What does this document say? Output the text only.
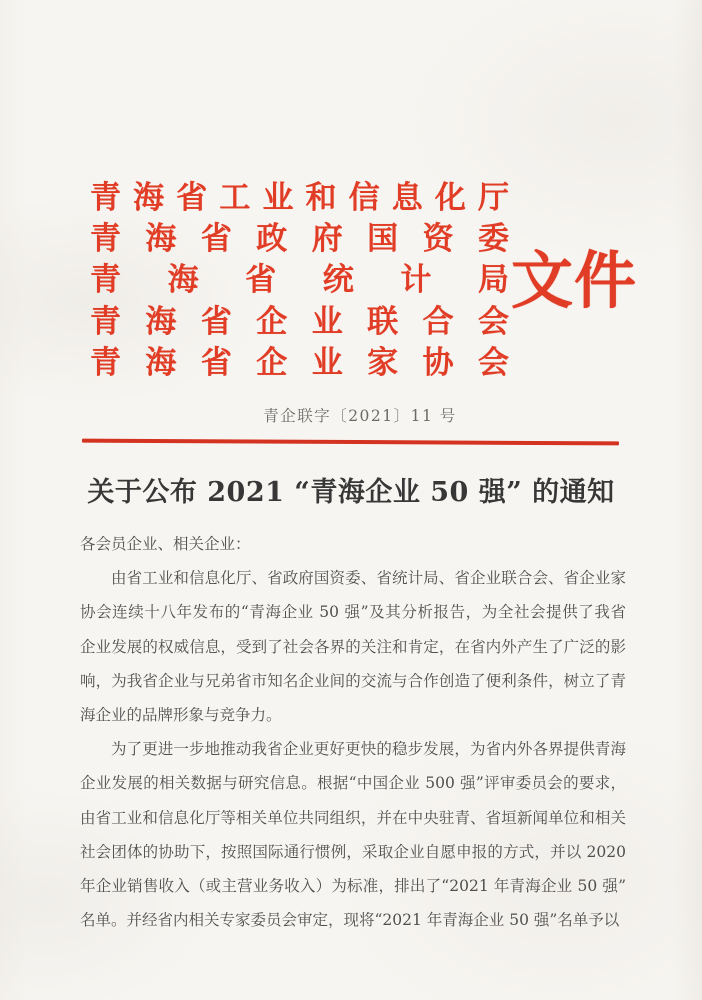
青海省工业和信息化厅
青海省政府国资委
青海省统计局
青海省企业联合会
青海省企业家协会
文件
青企联字〔2021〕11 号
关于公布 2021 “青海企业 50 强” 的通知
各会员企业、相关企业：
由省工业和信息化厅、省政府国资委、省统计局、省企业联合会、省企业家
协会连续十八年发布的“青海企业 50 强”及其分析报告，为全社会提供了我省
企业发展的权威信息，受到了社会各界的关注和肯定，在省内外产生了广泛的影
响，为我省企业与兄弟省市知名企业间的交流与合作创造了便利条件，树立了青
海企业的品牌形象与竞争力。
为了更进一步地推动我省企业更好更快的稳步发展，为省内外各界提供青海
企业发展的相关数据与研究信息。根据“中国企业 500 强”评审委员会的要求，
由省工业和信息化厅等相关单位共同组织，并在中央驻青、省垣新闻单位和相关
社会团体的协助下，按照国际通行惯例，采取企业自愿申报的方式，并以 2020
年企业销售收入（或主营业务收入）为标准，排出了“2021 年青海企业 50 强”
名单。并经省内相关专家委员会审定，现将“2021 年青海企业 50 强”名单予以
